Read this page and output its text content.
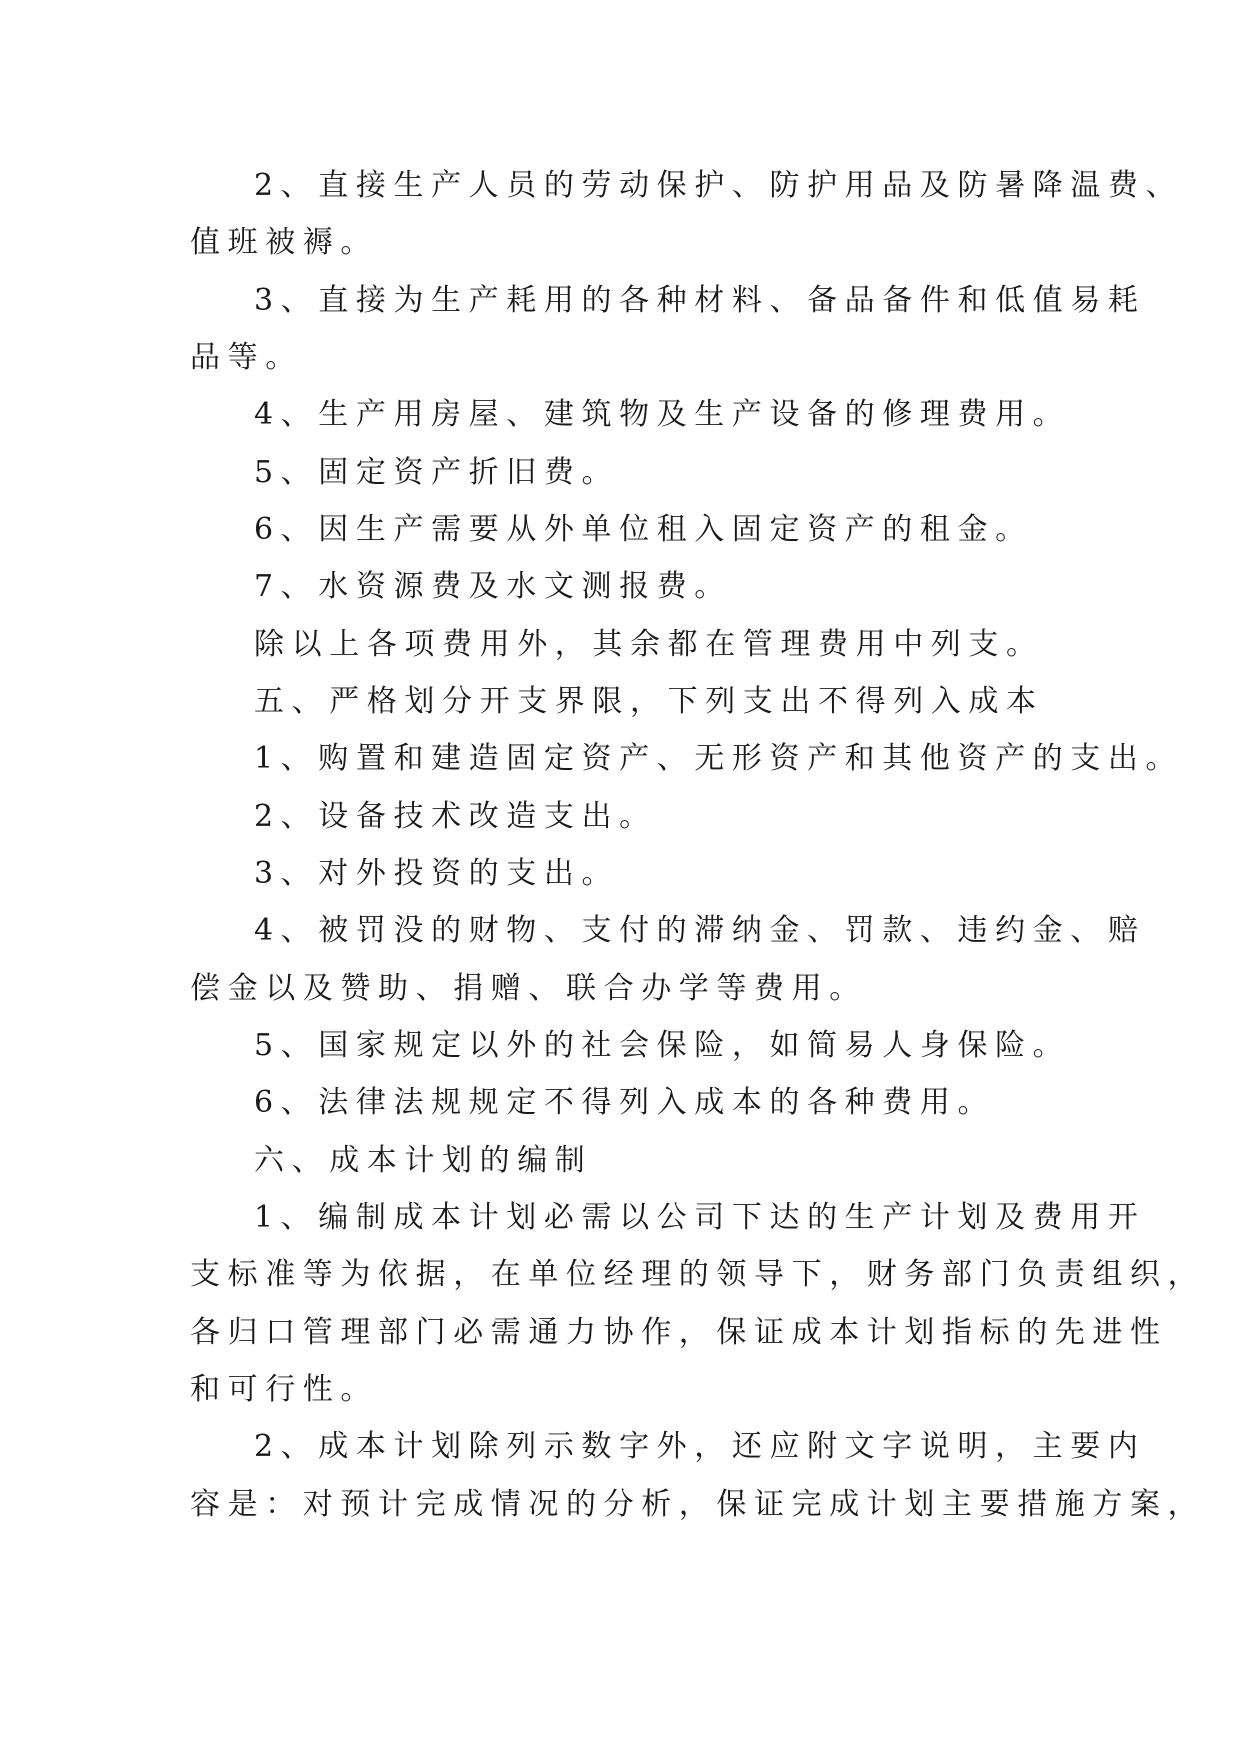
2、直接生产人员的劳动保护、防护用品及防暑降温费、

值班被褥。

3、直接为生产耗用的各种材料、备品备件和低值易耗

品等。

4、生产用房屋、建筑物及生产设备的修理费用。

5、固定资产折旧费。

6、因生产需要从外单位租入固定资产的租金。

7、水资源费及水文测报费。

除以上各项费用外，其余都在管理费用中列支。

五、严格划分开支界限，下列支出不得列入成本

1、购置和建造固定资产、无形资产和其他资产的支出。

2、设备技术改造支出。

3、对外投资的支出。

4、被罚没的财物、支付的滞纳金、罚款、违约金、赔

偿金以及赞助、捐赠、联合办学等费用。

5、国家规定以外的社会保险，如简易人身保险。

6、法律法规规定不得列入成本的各种费用。

六、成本计划的编制

1、编制成本计划必需以公司下达的生产计划及费用开

支标准等为依据，在单位经理的领导下，财务部门负责组织，

各归口管理部门必需通力协作，保证成本计划指标的先进性

和可行性。

2、成本计划除列示数字外，还应附文字说明，主要内

容是：对预计完成情况的分析，保证完成计划主要措施方案，
